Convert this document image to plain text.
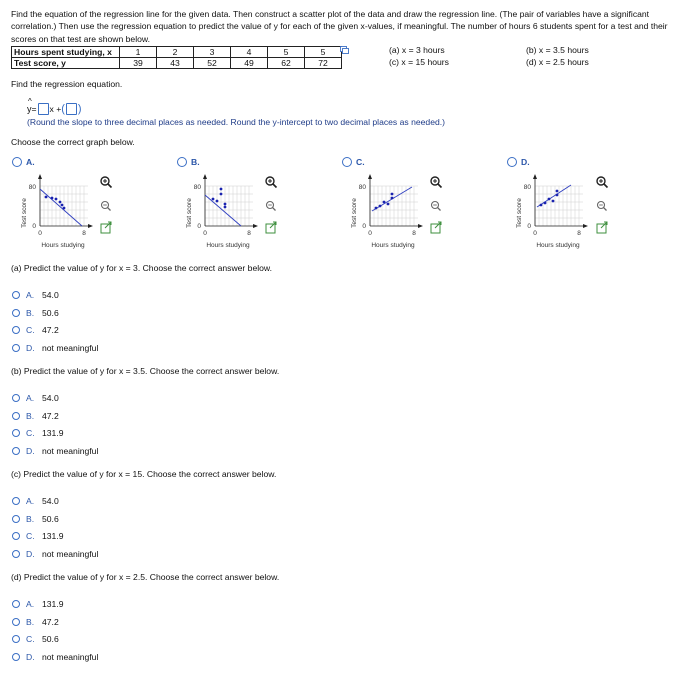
Find the equation of the regression line for the given data. Then construct a scatter plot of the data and draw the regression line. (The pair of variables have a significant correlation.) Then use the regression equation to predict the value of y for each of the given x-values, if meaningful. The number of hours 6 students spent for a test and their scores on that test are shown below.
Hours spent studying, x	1	2	3	4	5	5
Test score, y	39	43	52	49	62	72
(a) x = 3 hours
(c) x = 15 hours
(b) x = 3.5 hours
(d) x = 2.5 hours
Find the regression equation.
^
y = x + ( )
(Round the slope to three decimal places as needed. Round the y-intercept to two decimal places as needed.)
Choose the correct graph below.
A.	B.	C.	D.
Test score
80
0
0	8
Hours studying
Test score
80
0
0	8
Hours studying
Test score
80
0
0	8
Hours studying
Test score
80
0
0	8
Hours studying
(a) Predict the value of y for x = 3. Choose the correct answer below.
A. 54.0
B. 50.6
C. 47.2
D. not meaningful
(b) Predict the value of y for x = 3.5. Choose the correct answer below.
A. 54.0
B. 47.2
C. 131.9
D. not meaningful
(c) Predict the value of y for x = 15. Choose the correct answer below.
A. 54.0
B. 50.6
C. 131.9
D. not meaningful
(d) Predict the value of y for x = 2.5. Choose the correct answer below.
A. 131.9
B. 47.2
C. 50.6
D. not meaningful
